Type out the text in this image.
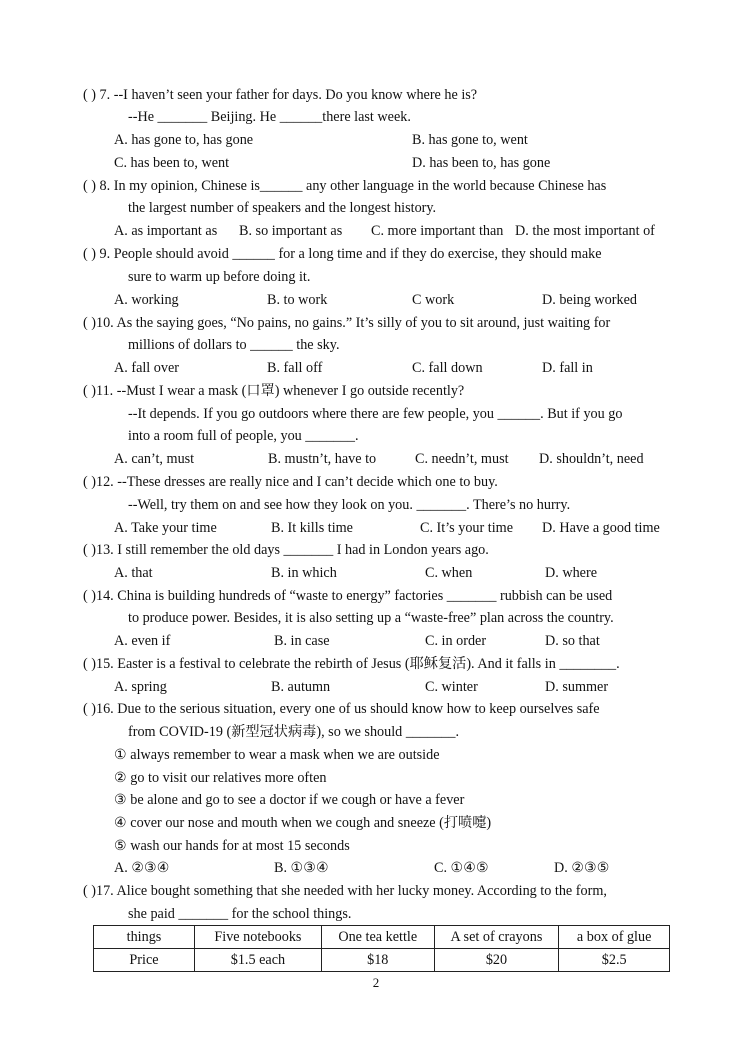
( ) 7. --I haven’t seen your father for days. Do you know where he is?
--He _______ Beijing. He ______there last week.
A. has gone to, has gone	B. has gone to, went
C. has been to, went	D. has been to, has gone
( ) 8. In my opinion, Chinese is______ any other language in the world because Chinese has
the largest number of speakers and the longest history.
A. as important as B. so important as C. more important than D. the most important of
( ) 9. People should avoid ______ for a long time and if they do exercise, they should make
sure to warm up before doing it.
A. working	B. to work	C work	D. being worked
( )10. As the saying goes, “No pains, no gains.” It’s silly of you to sit around, just waiting for
millions of dollars to ______ the sky.
A. fall over	B. fall off	C. fall down	D. fall in
( )11. --Must I wear a mask (口罩) whenever I go outside recently?
--It depends. If you go outdoors where there are few people, you ______. But if you go
into a room full of people, you _______.
A. can’t, must	B. mustn’t, have to	C. needn’t, must D. shouldn’t, need
( )12. --These dresses are really nice and I can’t decide which one to buy.
--Well, try them on and see how they look on you. _______. There’s no hurry.
A. Take your time	B. It kills time	C. It’s your time D. Have a good time
( )13. I still remember the old days _______ I had in London years ago.
A. that	B. in which	C. when	D. where
( )14. China is building hundreds of “waste to energy” factories _______ rubbish can be used
to produce power. Besides, it is also setting up a “waste-free” plan across the country.
A. even if	B. in case	C. in order	D. so that
( )15. Easter is a festival to celebrate the rebirth of Jesus (耶稣复活). And it falls in ________.
A. spring	B. autumn	C. winter	D. summer
( )16. Due to the serious situation, every one of us should know how to keep ourselves safe
from COVID-19 (新型冠状病毒), so we should _______.
① always remember to wear a mask when we are outside
② go to visit our relatives more often
③ be alone and go to see a doctor if we cough or have a fever
④ cover our nose and mouth when we cough and sneeze (打喷嚏)
⑤ wash our hands for at most 15 seconds
A. ②③④	B. ①③④	C. ①④⑤	D. ②③⑤
( )17. Alice bought something that she needed with her lucky money. According to the form,
she paid _______ for the school things.
things	Five notebooks	One tea kettle	A set of crayons	a box of glue
Price	$1.5 each	$18	$20	$2.5
2
